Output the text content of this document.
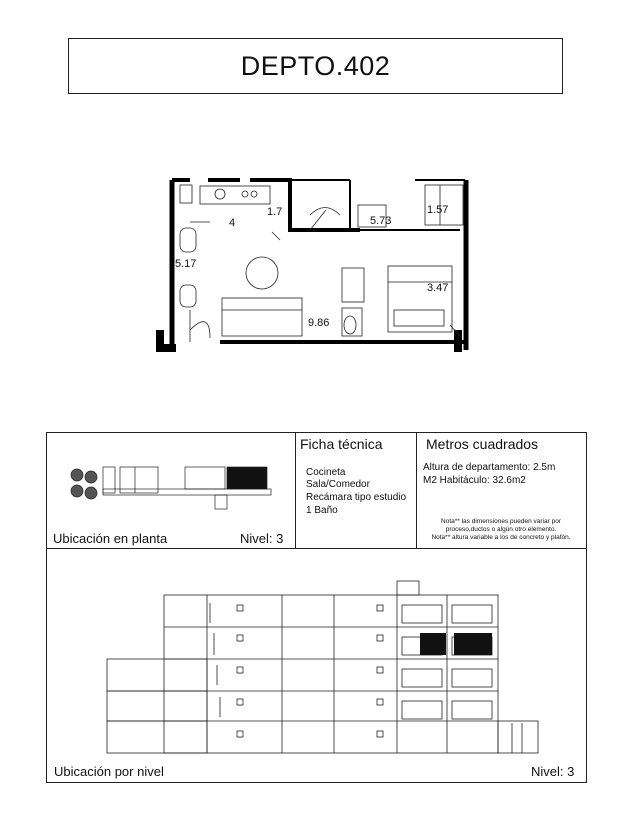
DEPTO.402
4
1.7
5.73
1.57
5.17
3.47
9.86
Ubicación en planta	Nivel: 3
Ficha técnica
Cocineta
Sala/Comedor
Recámara tipo estudio
1 Baño
Metros cuadrados
Altura de departamento: 2.5m
M2 Habitáculo: 32.6m2
Nota** las dimensiones pueden variar por proceso,ductos o algún otro elemento.
Nota** altura variable a los de concreto y plafón.
Ubicación por nivel	Nivel: 3
